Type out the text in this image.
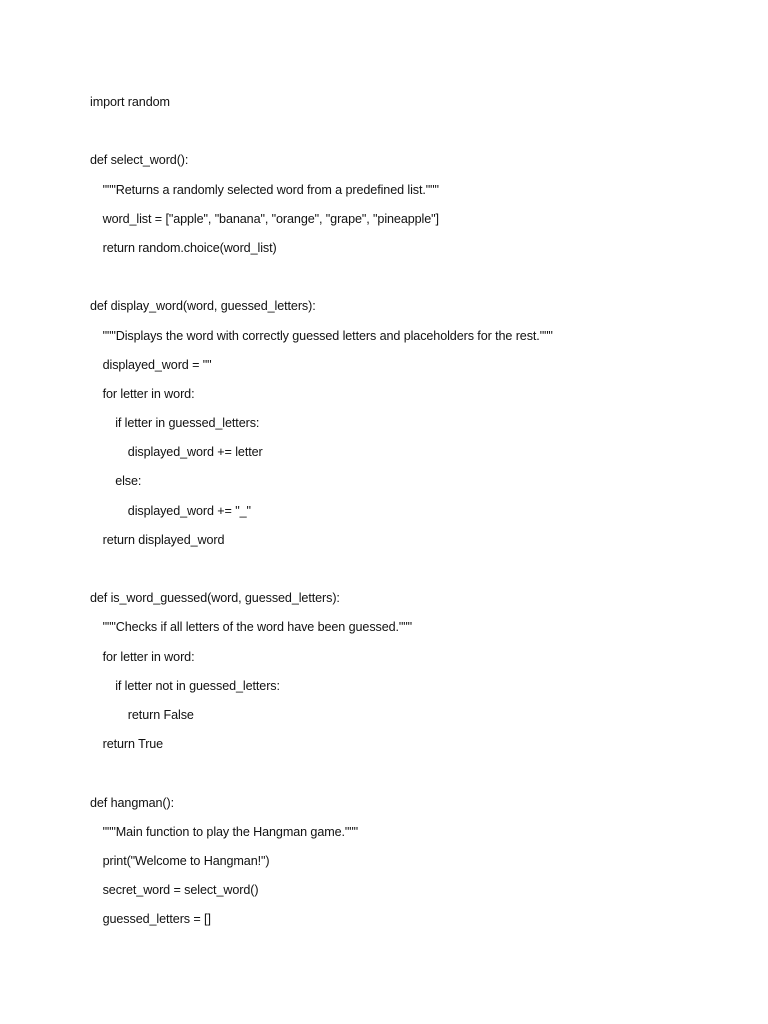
import random
def select_word():
"""Returns a randomly selected word from a predefined list."""
word_list = ["apple", "banana", "orange", "grape", "pineapple"]
return random.choice(word_list)
def display_word(word, guessed_letters):
"""Displays the word with correctly guessed letters and placeholders for the rest."""
displayed_word = ""
for letter in word:
if letter in guessed_letters:
displayed_word += letter
else:
displayed_word += "_"
return displayed_word
def is_word_guessed(word, guessed_letters):
"""Checks if all letters of the word have been guessed."""
for letter in word:
if letter not in guessed_letters:
return False
return True
def hangman():
"""Main function to play the Hangman game."""
print("Welcome to Hangman!")
secret_word = select_word()
guessed_letters = []
